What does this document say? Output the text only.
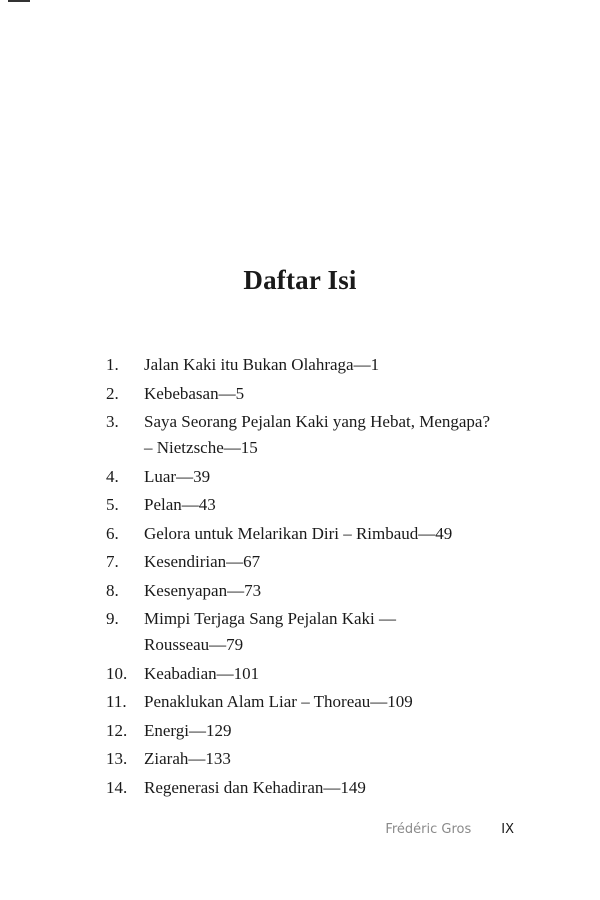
Daftar Isi
1.	Jalan Kaki itu Bukan Olahraga—1
2.	Kebebasan—5
3.	Saya Seorang Pejalan Kaki yang Hebat, Mengapa?
– Nietzsche—15
4.	Luar—39
5.	Pelan—43
6.	Gelora untuk Melarikan Diri – Rimbaud—49
7.	Kesendirian—67
8.	Kesenyapan—73
9.	Mimpi Terjaga Sang Pejalan Kaki —
Rousseau—79
10. Keabadian—101
11.	Penaklukan Alam Liar – Thoreau—109
12. Energi—129
13. Ziarah—133
14. Regenerasi dan Kehadiran—149
Frédéric Gros IX
